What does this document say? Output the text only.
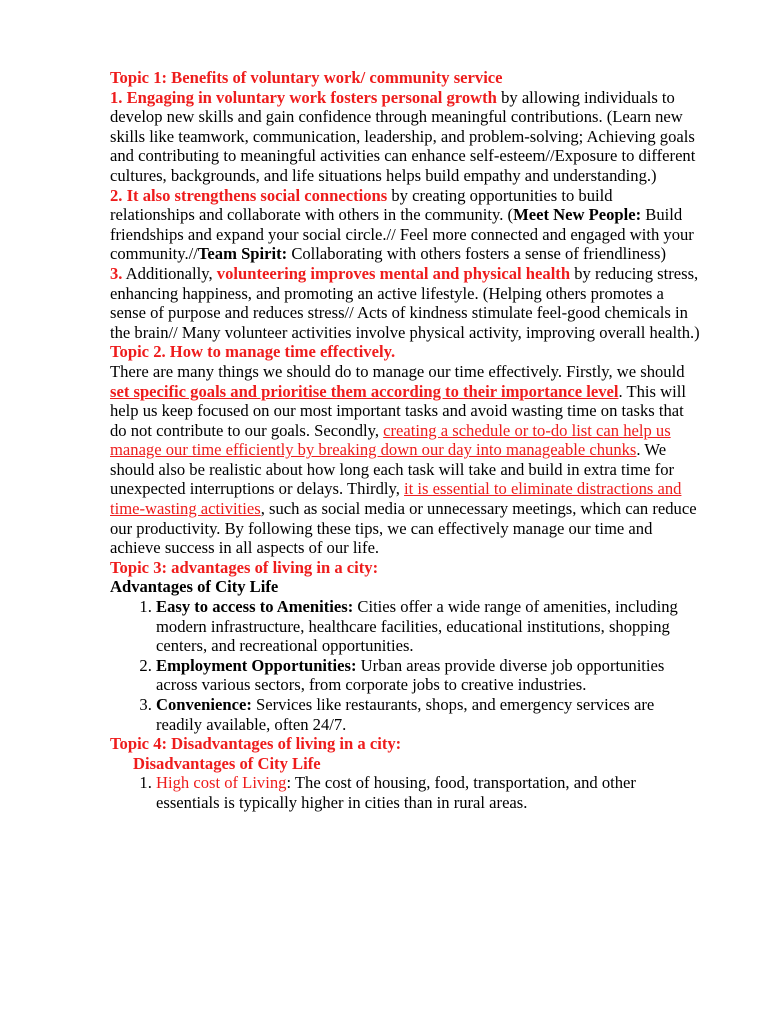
Topic 1: Benefits of voluntary work/ community service

1. Engaging in voluntary work fosters personal growth by allowing individuals to develop new skills and gain confidence through meaningful contributions. (Learn new skills like teamwork, communication, leadership, and problem-solving; Achieving goals and contributing to meaningful activities can enhance self-esteem//Exposure to different cultures, backgrounds, and life situations helps build empathy and understanding.)

2. It also strengthens social connections by creating opportunities to build relationships and collaborate with others in the community. (Meet New People: Build friendships and expand your social circle.// Feel more connected and engaged with your community.//Team Spirit: Collaborating with others fosters a sense of friendliness)

3. Additionally, volunteering improves mental and physical health by reducing stress, enhancing happiness, and promoting an active lifestyle. (Helping others promotes a sense of purpose and reduces stress// Acts of kindness stimulate feel-good chemicals in the brain// Many volunteer activities involve physical activity, improving overall health.)

Topic 2. How to manage time effectively.

There are many things we should do to manage our time effectively. Firstly, we should set specific goals and prioritise them according to their importance level. This will help us keep focused on our most important tasks and avoid wasting time on tasks that do not contribute to our goals. Secondly, creating a schedule or to-do list can help us manage our time efficiently by breaking down our day into manageable chunks. We should also be realistic about how long each task will take and build in extra time for unexpected interruptions or delays. Thirdly, it is essential to eliminate distractions and time-wasting activities, such as social media or unnecessary meetings, which can reduce our productivity. By following these tips, we can effectively manage our time and achieve success in all aspects of our life.

Topic 3: advantages of living in a city:

Advantages of City Life

1. Easy to access to Amenities: Cities offer a wide range of amenities, including modern infrastructure, healthcare facilities, educational institutions, shopping centers, and recreational opportunities.
2. Employment Opportunities: Urban areas provide diverse job opportunities across various sectors, from corporate jobs to creative industries.
3. Convenience: Services like restaurants, shops, and emergency services are readily available, often 24/7.

Topic 4: Disadvantages of living in a city:

Disadvantages of City Life

1. High cost of Living: The cost of housing, food, transportation, and other essentials is typically higher in cities than in rural areas.
